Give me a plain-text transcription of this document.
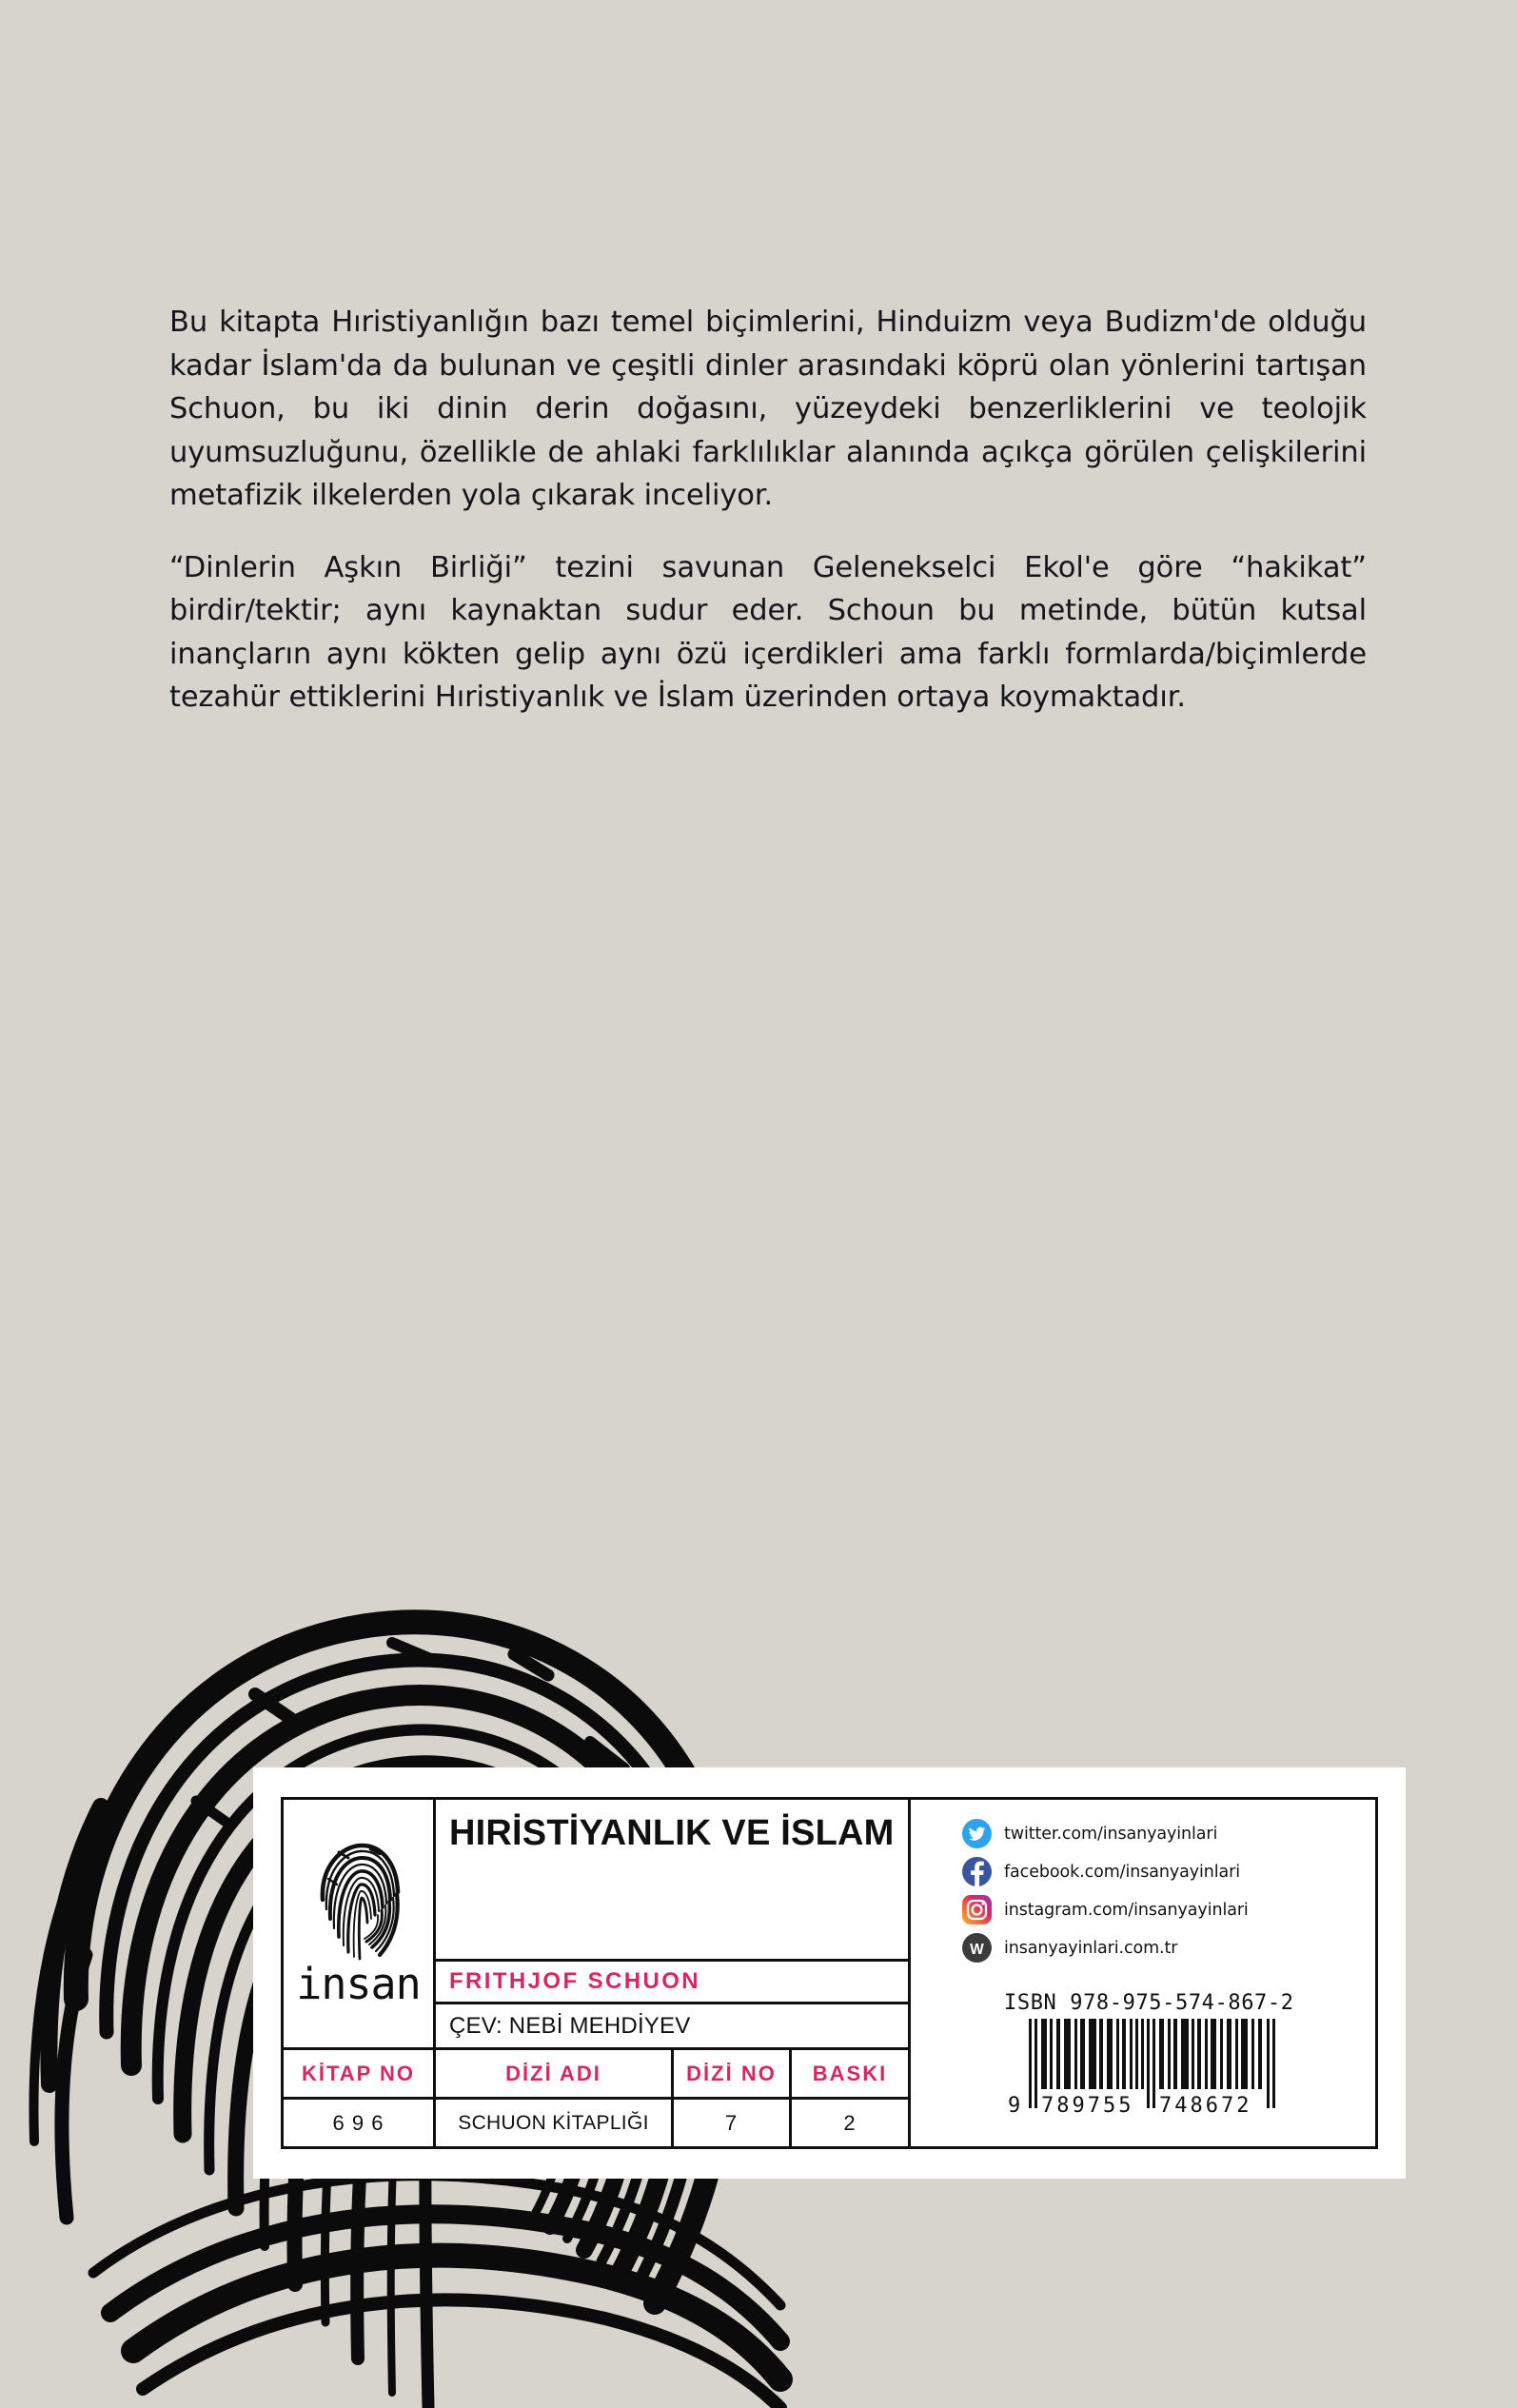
Bu kitapta Hıristiyanlığın bazı temel biçimlerini, Hinduizm veya Budizm'de olduğu kadar İslam'da da bulunan ve çeşitli dinler arasındaki köprü olan yönlerini tartışan Schuon, bu iki dinin derin doğasını, yüzeydeki benzerliklerini ve teolojik uyumsuzluğunu, özellikle de ahlaki farklılıklar alanında açıkça görülen çelişkilerini metafizik ilkelerden yola çıkarak inceliyor.

“Dinlerin Aşkın Birliği” tezini savunan Gelenekselci Ekol'e göre “hakikat” birdir/tektir; aynı kaynaktan sudur eder. Schoun bu metinde, bütün kutsal inançların aynı kökten gelip aynı özü içerdikleri ama farklı formlarda/biçimlerde tezahür ettiklerini Hıristiyanlık ve İslam üzerinden ortaya koymaktadır.

insan
HIRİSTİYANLIK VE İSLAM
FRITHJOF SCHUON
ÇEV: NEBİ MEHDİYEV
KİTAP NO	DİZİ ADI	DİZİ NO	BASKI
6 9 6	SCHUON KİTAPLIĞI	7	2
twitter.com/insanyayinlari
facebook.com/insanyayinlari
instagram.com/insanyayinlari
W insanyayinlari.com.tr
ISBN 978-975-574-867-2
9 789755 748672
